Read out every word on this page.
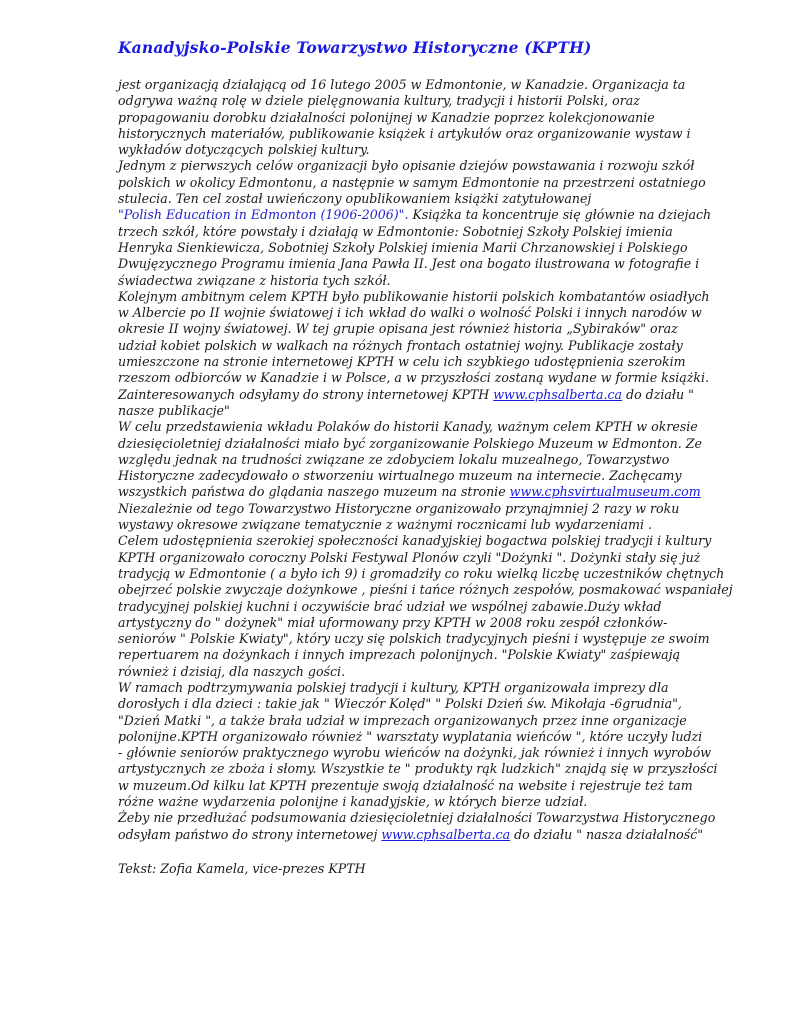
Kanadyjsko-Polskie Towarzystwo Historyczne (KPTH)
jest organizacją działającą od 16 lutego 2005 w Edmontonie, w Kanadzie. Organizacja ta
odgrywa ważną rolę w dziele pielęgnowania kultury, tradycji i historii Polski, oraz
propagowaniu dorobku działalności polonijnej w Kanadzie poprzez kolekcjonowanie
historycznych materiałów, publikowanie książek i artykułów oraz organizowanie wystaw i
wykładów dotyczących polskiej kultury.
Jednym z pierwszych celów organizacji było opisanie dziejów powstawania i rozwoju szkół
polskich w okolicy Edmontonu, a następnie w samym Edmontonie na przestrzeni ostatniego
stulecia. Ten cel został uwieńczony opublikowaniem książki zatytułowanej
"Polish Education in Edmonton (1906-2006)". Książka ta koncentruje się głównie na dziejach
trzech szkół, które powstały i działają w Edmontonie: Sobotniej Szkoły Polskiej imienia
Henryka Sienkiewicza, Sobotniej Szkoły Polskiej imienia Marii Chrzanowskiej i Polskiego
Dwujęzycznego Programu imienia Jana Pawła II. Jest ona bogato ilustrowana w fotografie i
świadectwa związane z historia tych szkół.
Kolejnym ambitnym celem KPTH było publikowanie historii polskich kombatantów osiadłych
w Albercie po II wojnie światowej i ich wkład do walki o wolność Polski i innych narodów w
okresie II wojny światowej. W tej grupie opisana jest również historia „Sybiraków" oraz
udział kobiet polskich w walkach na różnych frontach ostatniej wojny. Publikacje zostały
umieszczone na stronie internetowej KPTH w celu ich szybkiego udostępnienia szerokim
rzeszom odbiorców w Kanadzie i w Polsce, a w przyszłości zostaną wydane w formie książki.
Zainteresowanych odsyłamy do strony internetowej KPTH www.cphsalberta.ca do działu "
nasze publikacje"
W celu przedstawienia wkładu Polaków do historii Kanady, ważnym celem KPTH w okresie
dziesięcioletniej działalności miało być zorganizowanie Polskiego Muzeum w Edmonton. Ze
względu jednak na trudności związane ze zdobyciem lokalu muzealnego, Towarzystwo
Historyczne zadecydowało o stworzeniu wirtualnego muzeum na internecie. Zachęcamy
wszystkich państwa do glądania naszego muzeum na stronie www.cphsvirtualmuseum.com
Niezależnie od tego Towarzystwo Historyczne organizowało przynajmniej 2 razy w roku
wystawy okresowe związane tematycznie z ważnymi rocznicami lub wydarzeniami .
Celem udostępnienia szerokiej społeczności kanadyjskiej bogactwa polskiej tradycji i kultury
KPTH organizowało coroczny Polski Festywal Plonów czyli "Dożynki ". Dożynki stały się już
tradycją w Edmontonie ( a było ich 9) i gromadziły co roku wielką liczbę uczestników chętnych
obejrzeć polskie zwyczaje dożynkowe , pieśni i tańce różnych zespołów, posmakować wspaniałej
tradycyjnej polskiej kuchni i oczywiście brać udział we wspólnej zabawie.Duży wkład
artystyczny do " dożynek" miał uformowany przy KPTH w 2008 roku zespół członków-
seniorów " Polskie Kwiaty", który uczy się polskich tradycyjnych pieśni i występuje ze swoim
repertuarem na dożynkach i innych imprezach polonijnych. "Polskie Kwiaty" zaśpiewają
również i dzisiaj, dla naszych gości.
W ramach podtrzymywania polskiej tradycji i kultury, KPTH organizowała imprezy dla
dorosłych i dla dzieci : takie jak " Wieczór Kolęd" " Polski Dzień św. Mikołaja -6grudnia",
"Dzień Matki ", a także brała udział w imprezach organizowanych przez inne organizacje
polonijne.KPTH organizowało również " warsztaty wyplatania wieńców ", które uczyły ludzi
- głównie seniorów praktycznego wyrobu wieńców na dożynki, jak również i innych wyrobów
artystycznych ze zboża i słomy. Wszystkie te " produkty rąk ludzkich" znajdą się w przyszłości
w muzeum.Od kilku lat KPTH prezentuje swoją działalność na website i rejestruje też tam
różne ważne wydarzenia polonijne i kanadyjskie, w których bierze udział.
Żeby nie przedłużać podsumowania dziesięcioletniej działalności Towarzystwa Historycznego
odsyłam państwo do strony internetowej www.cphsalberta.ca do działu " nasza działalność"
Tekst: Zofia Kamela, vice-prezes KPTH
